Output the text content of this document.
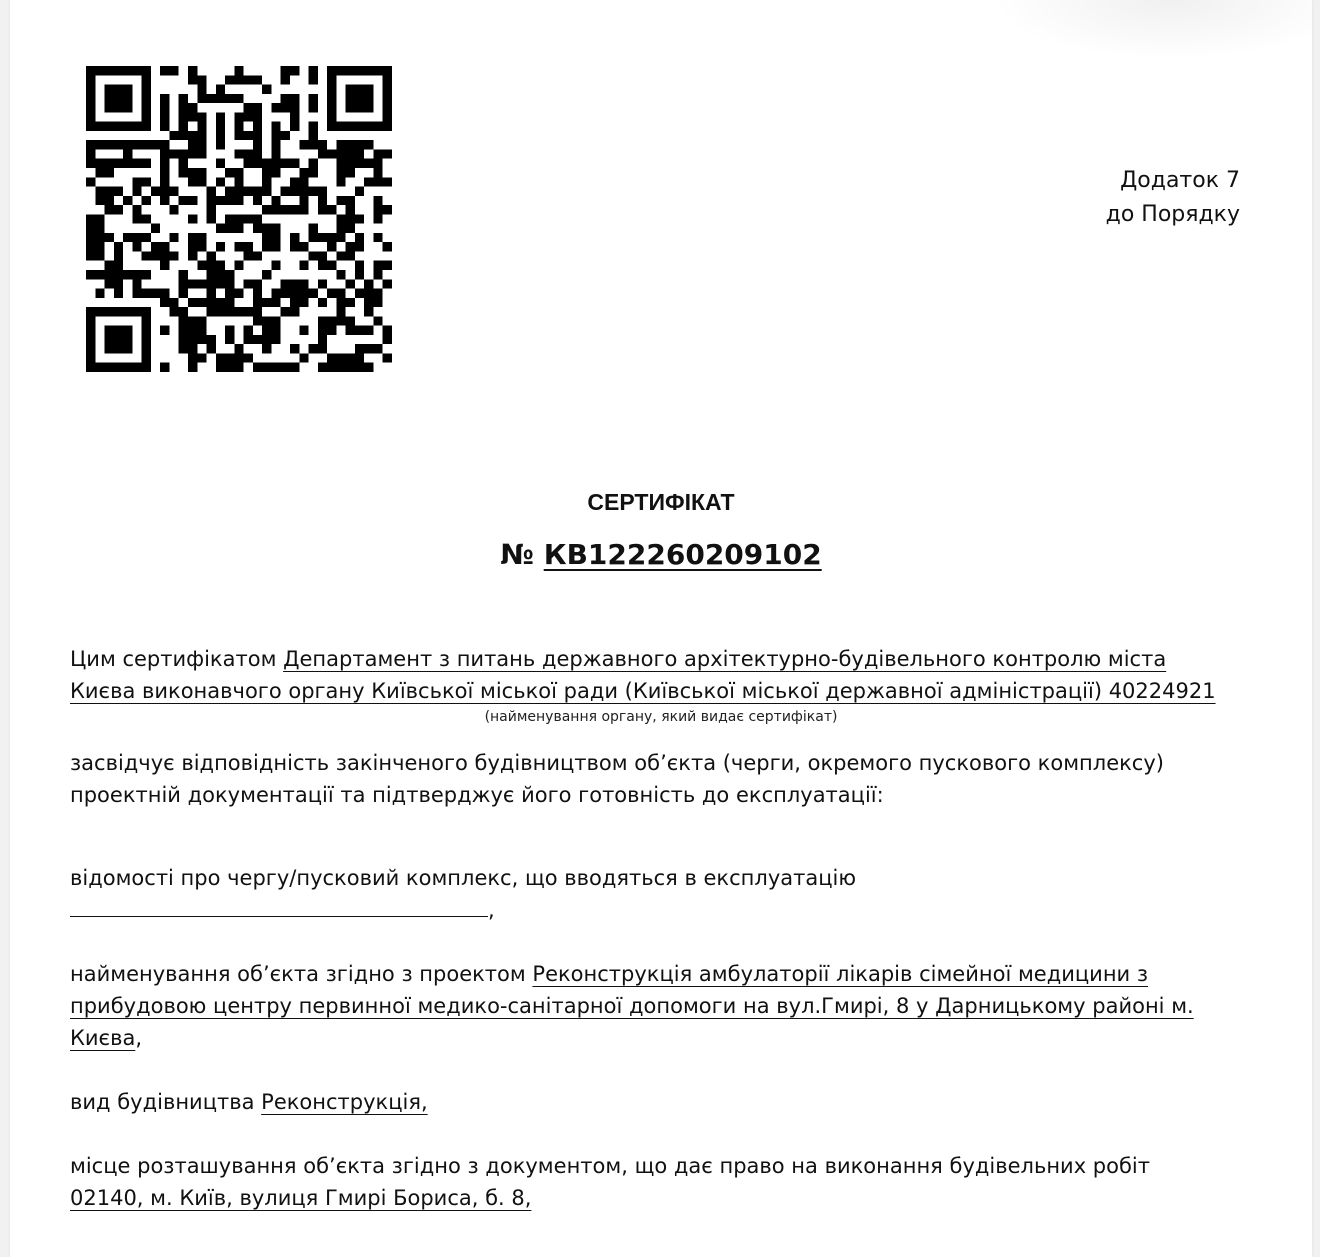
Додаток 7
до Порядку
СЕРТИФІКАТ
№ КВ122260209102
Цим сертифікатом Департамент з питань державного архітектурно-будівельного контролю міста
Києва виконавчого органу Київської міської ради (Київської міської державної адміністрації) 40224921
(найменування органу, який видає сертифікат)
засвідчує відповідність закінченого будівництвом об’єкта (черги, окремого пускового комплексу)
проектній документації та підтверджує його готовність до експлуатації:
відомості про чергу/пусковий комплекс, що вводяться в експлуатацію
,
найменування об’єкта згідно з проектом Реконструкція амбулаторії лікарів сімейної медицини з
прибудовою центру первинної медико-санітарної допомоги на вул.Гмирі, 8 у Дарницькому районі м.
Києва,
вид будівництва Реконструкція,
місце розташування об’єкта згідно з документом, що дає право на виконання будівельних робіт
02140, м. Київ, вулиця Гмирі Бориса, б. 8,
